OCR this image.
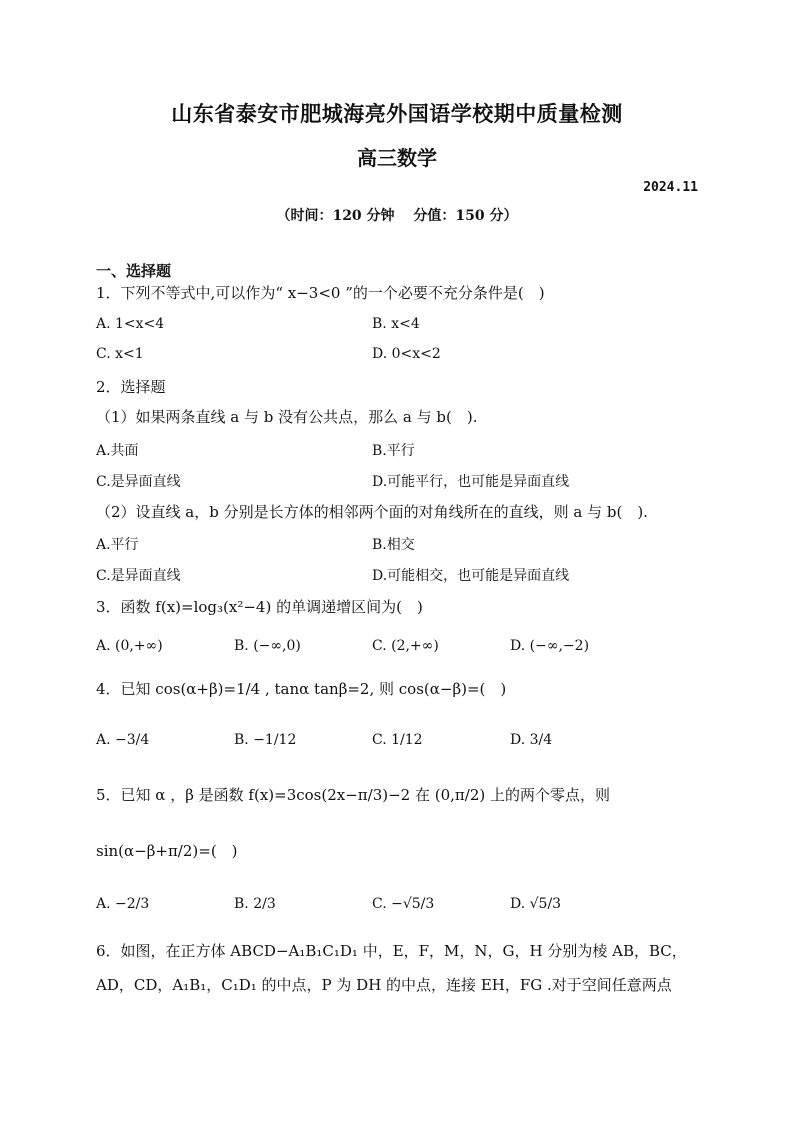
山东省泰安市肥城海亮外国语学校期中质量检测
高三数学
2024.11
（时间：120 分钟　 分值：150 分）
一、选择题
1．下列不等式中,可以作为“ x−3<0 ”的一个必要不充分条件是(　)
A. 1<x<4	B. x<4
C. x<1	D. 0<x<2
2．选择题
（1）如果两条直线 a 与 b 没有公共点，那么 a 与 b(　).
A.共面	B.平行
C.是异面直线	D.可能平行，也可能是异面直线
（2）设直线 a，b 分别是长方体的相邻两个面的对角线所在的直线，则 a 与 b(　).
A.平行	B.相交
C.是异面直线	D.可能相交，也可能是异面直线
3．函数 f(x)=log₃(x²−4) 的单调递增区间为(　)
A. (0,+∞)	B. (−∞,0)	C. (2,+∞)	D. (−∞,−2)
4．已知 cos(α+β)=1/4 , tanα tanβ=2, 则 cos(α−β)=(　)
A. −3/4	B. −1/12	C. 1/12	D. 3/4
5．已知 α ，β 是函数 f(x)=3cos(2x−π/3)−2 在 (0,π/2) 上的两个零点，则
sin(α−β+π/2)=(　)
A. −2/3	B. 2/3	C. −√5/3	D. √5/3
6．如图，在正方体 ABCD−A₁B₁C₁D₁ 中，E，F，M，N，G，H 分别为棱 AB，BC，
AD，CD，A₁B₁，C₁D₁ 的中点，P 为 DH 的中点，连接 EH，FG .对于空间任意两点
